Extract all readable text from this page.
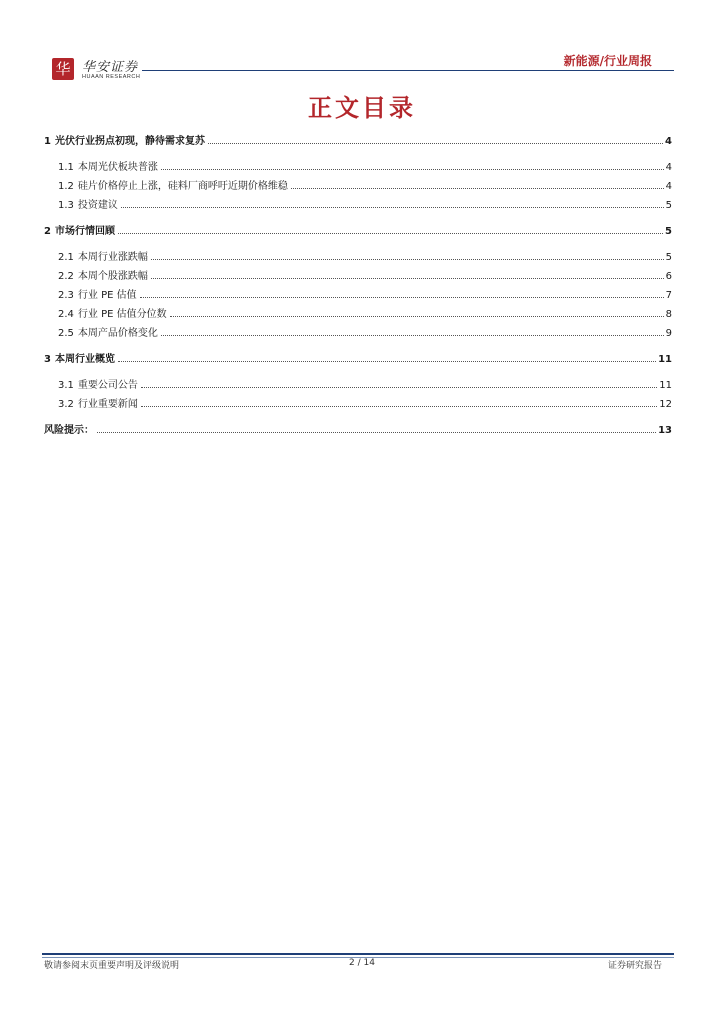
华 华安证券
HUAAN RESEARCH
新能源/行业周报
正文目录
1 光伏行业拐点初现，静待需求复苏	4
1.1 本周光伏板块普涨	4
1.2 硅片价格停止上涨，硅料厂商呼吁近期价格维稳	4
1.3 投资建议	5
2 市场行情回顾	5
2.1 本周行业涨跌幅	5
2.2 本周个股涨跌幅	6
2.3 行业 PE 估值	7
2.4 行业 PE 估值分位数	8
2.5 本周产品价格变化	9
3 本周行业概览	11
3.1 重要公司公告	11
3.2 行业重要新闻	12
风险提示：	13
敬请参阅末页重要声明及评级说明	2 / 14	证券研究报告
